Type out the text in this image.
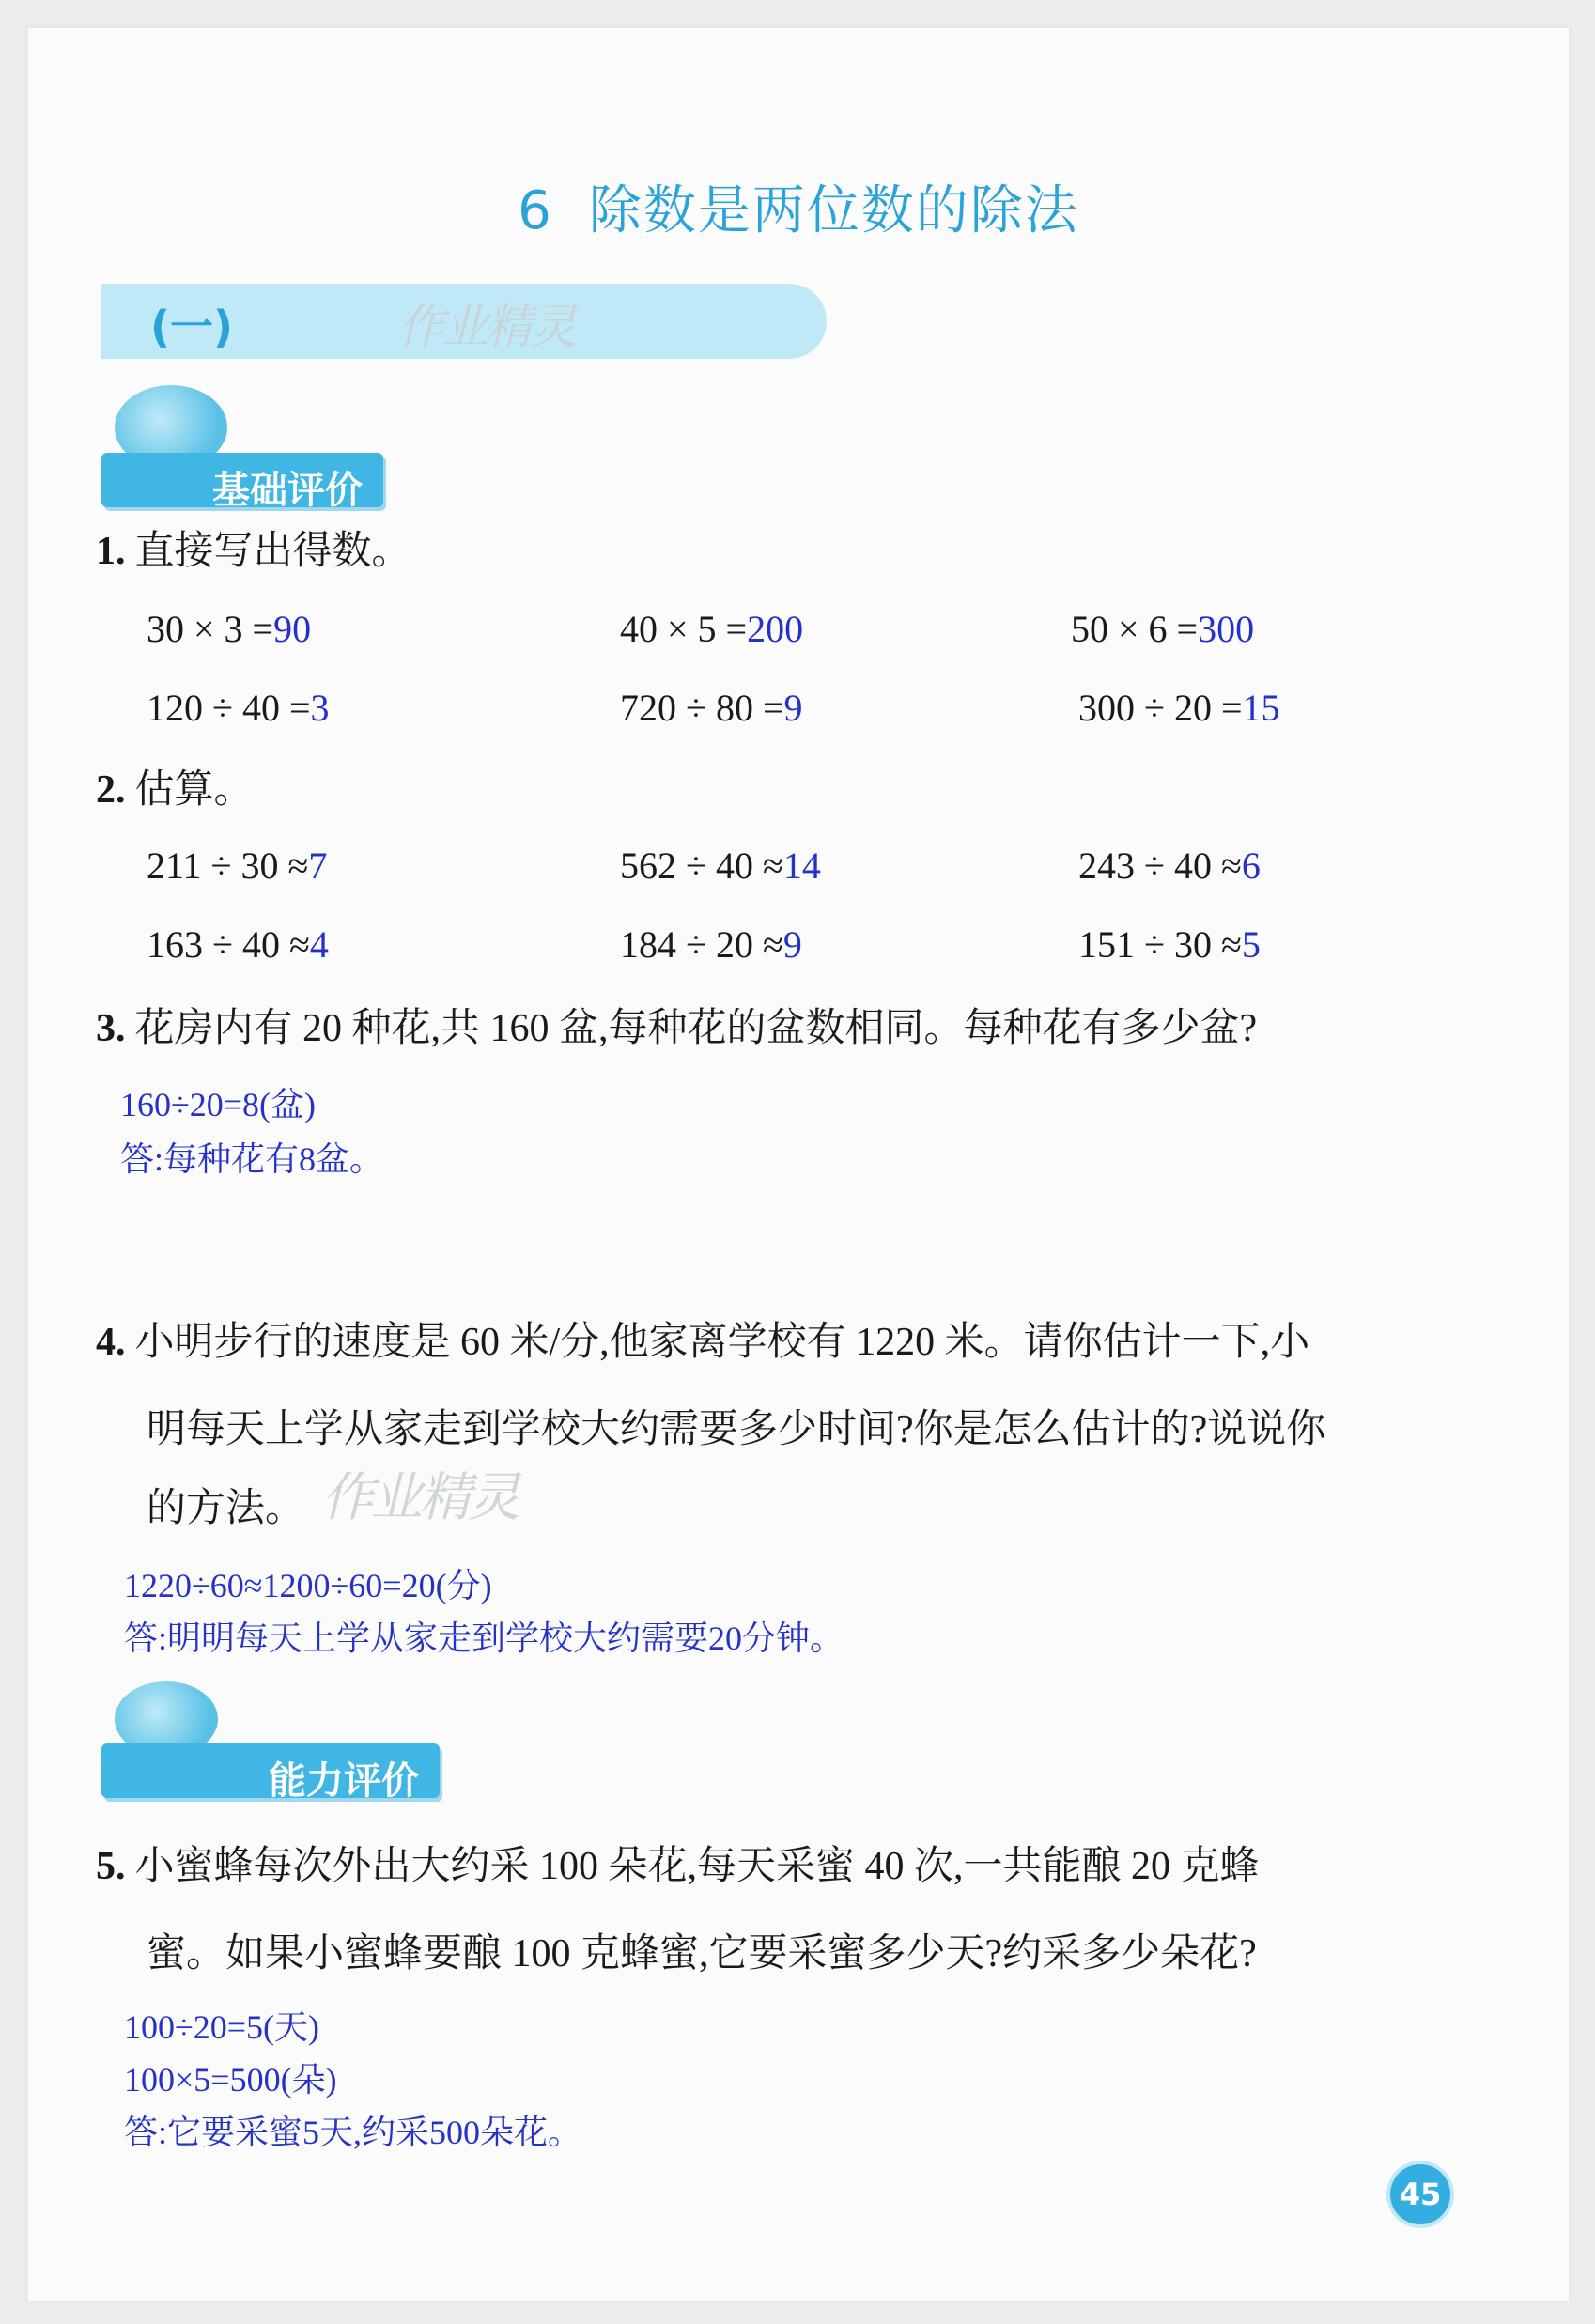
6 除数是两位数的除法
(一)	作业精灵
基础评价
1. 直接写出得数。
30 × 3 =90	40 × 5 =200	50 × 6 =300
120 ÷ 40 =3	720 ÷ 80 =9	300 ÷ 20 =15
2. 估算。
211 ÷ 30 ≈7	562 ÷ 40 ≈14	243 ÷ 40 ≈6
163 ÷ 40 ≈4	184 ÷ 20 ≈9	151 ÷ 30 ≈5
3. 花房内有 20 种花,共 160 盆,每种花的盆数相同。每种花有多少盆?
160÷20=8(盆)
答:每种花有8盆。
4. 小明步行的速度是 60 米/分,他家离学校有 1220 米。请你估计一下,小
明每天上学从家走到学校大约需要多少时间?你是怎么估计的?说说你
的方法。 作业精灵
1220÷60≈1200÷60=20(分)
答:明明每天上学从家走到学校大约需要20分钟。
能力评价
5. 小蜜蜂每次外出大约采 100 朵花,每天采蜜 40 次,一共能酿 20 克蜂
蜜。如果小蜜蜂要酿 100 克蜂蜜,它要采蜜多少天?约采多少朵花?
100÷20=5(天)
100×5=500(朵)
答:它要采蜜5天,约采500朵花。
45
